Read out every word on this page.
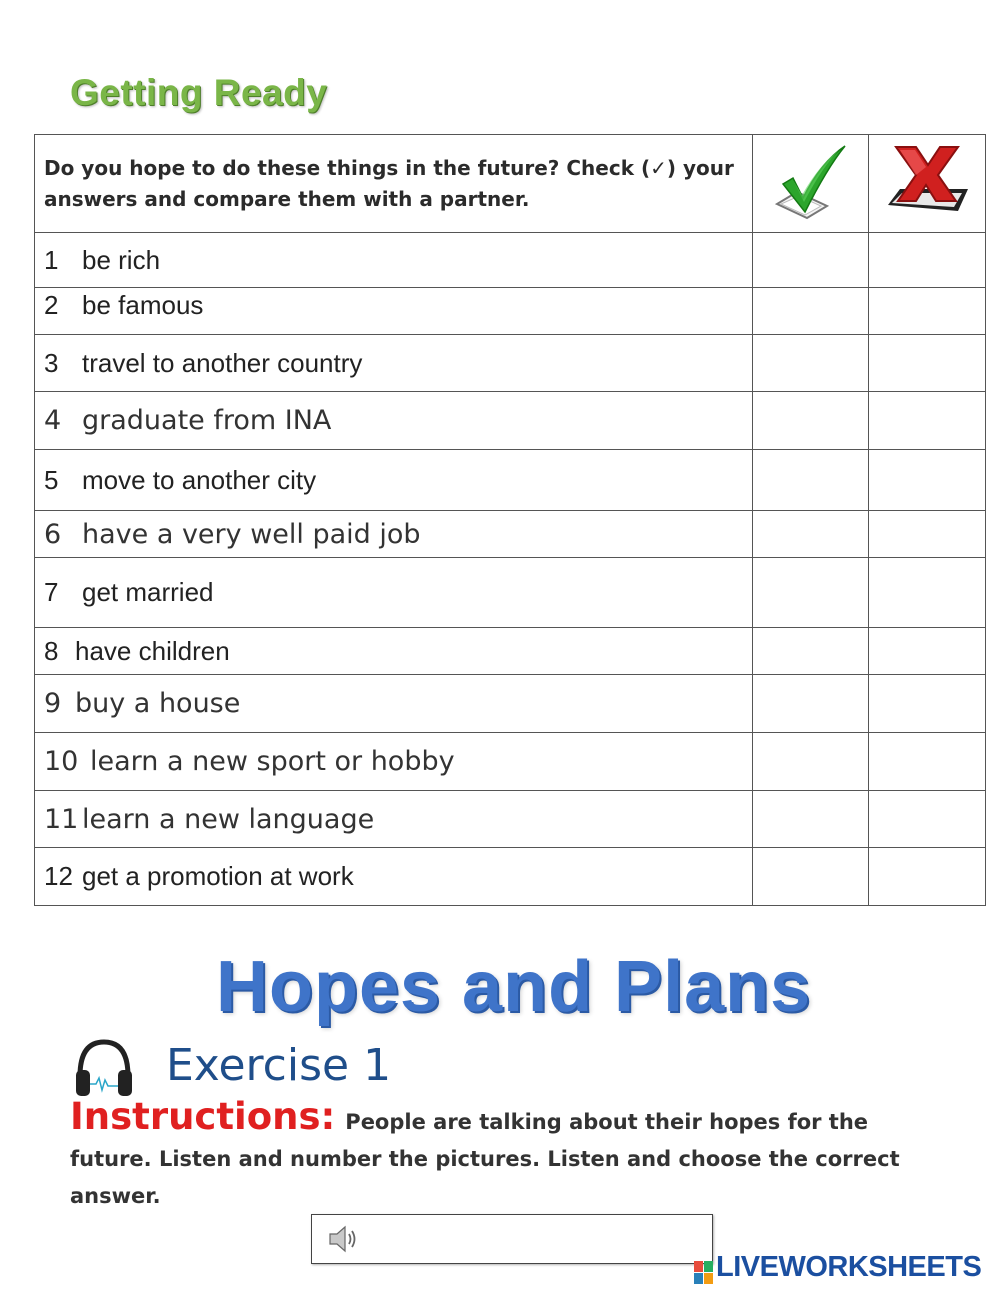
Getting Ready
Do you hope to do these things in the future? Check (✓) your answers and compare them with a partner.		
1 be rich		
2 be famous		
3 travel to another country		
4 graduate from INA		
5 move to another city		
6 have a very well paid job		
7 get married		
8 have children		
9 buy a house		
10 learn a new sport or hobby		
11 learn a new language		
12 get a promotion at work		
Hopes and Plans
Exercise 1
Instructions: People are talking about their hopes for the future. Listen and number the pictures. Listen and choose the correct answer.
LIVEWORKSHEETS
